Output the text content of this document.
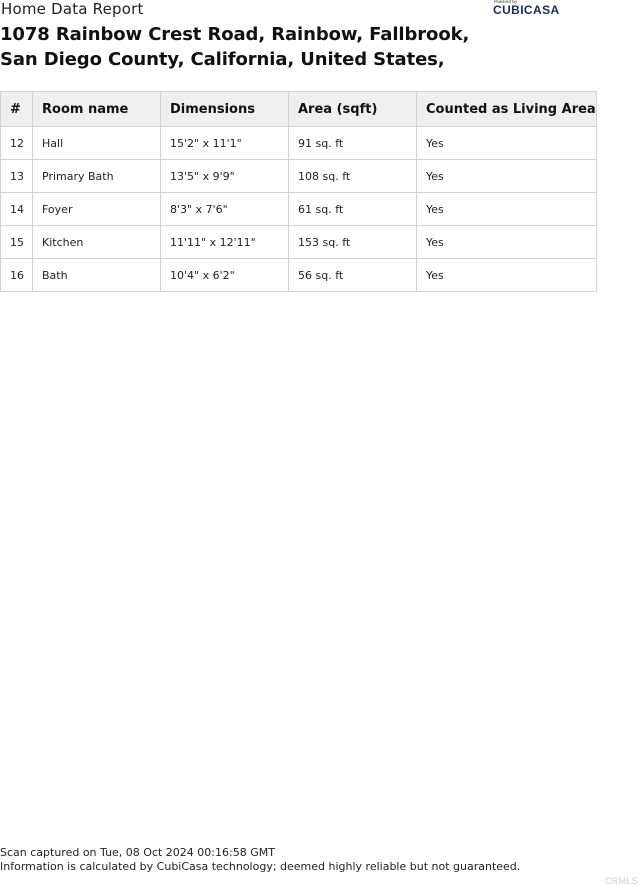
Home Data Report	Powered by
CUBICASA
1078 Rainbow Crest Road, Rainbow, Fallbrook,
San Diego County, California, United States,
#	Room name	Dimensions	Area (sqft)	Counted as Living Area
12	Hall	15'2" x 11'1"	91 sq. ft	Yes
13	Primary Bath	13'5" x 9'9"	108 sq. ft	Yes
14	Foyer	8'3" x 7'6"	61 sq. ft	Yes
15	Kitchen	11'11" x 12'11"	153 sq. ft	Yes
16	Bath	10'4" x 6'2"	56 sq. ft	Yes
Scan captured on Tue, 08 Oct 2024 00:16:58 GMT
Information is calculated by CubiCasa technology; deemed highly reliable but not guaranteed.
CRMLS
